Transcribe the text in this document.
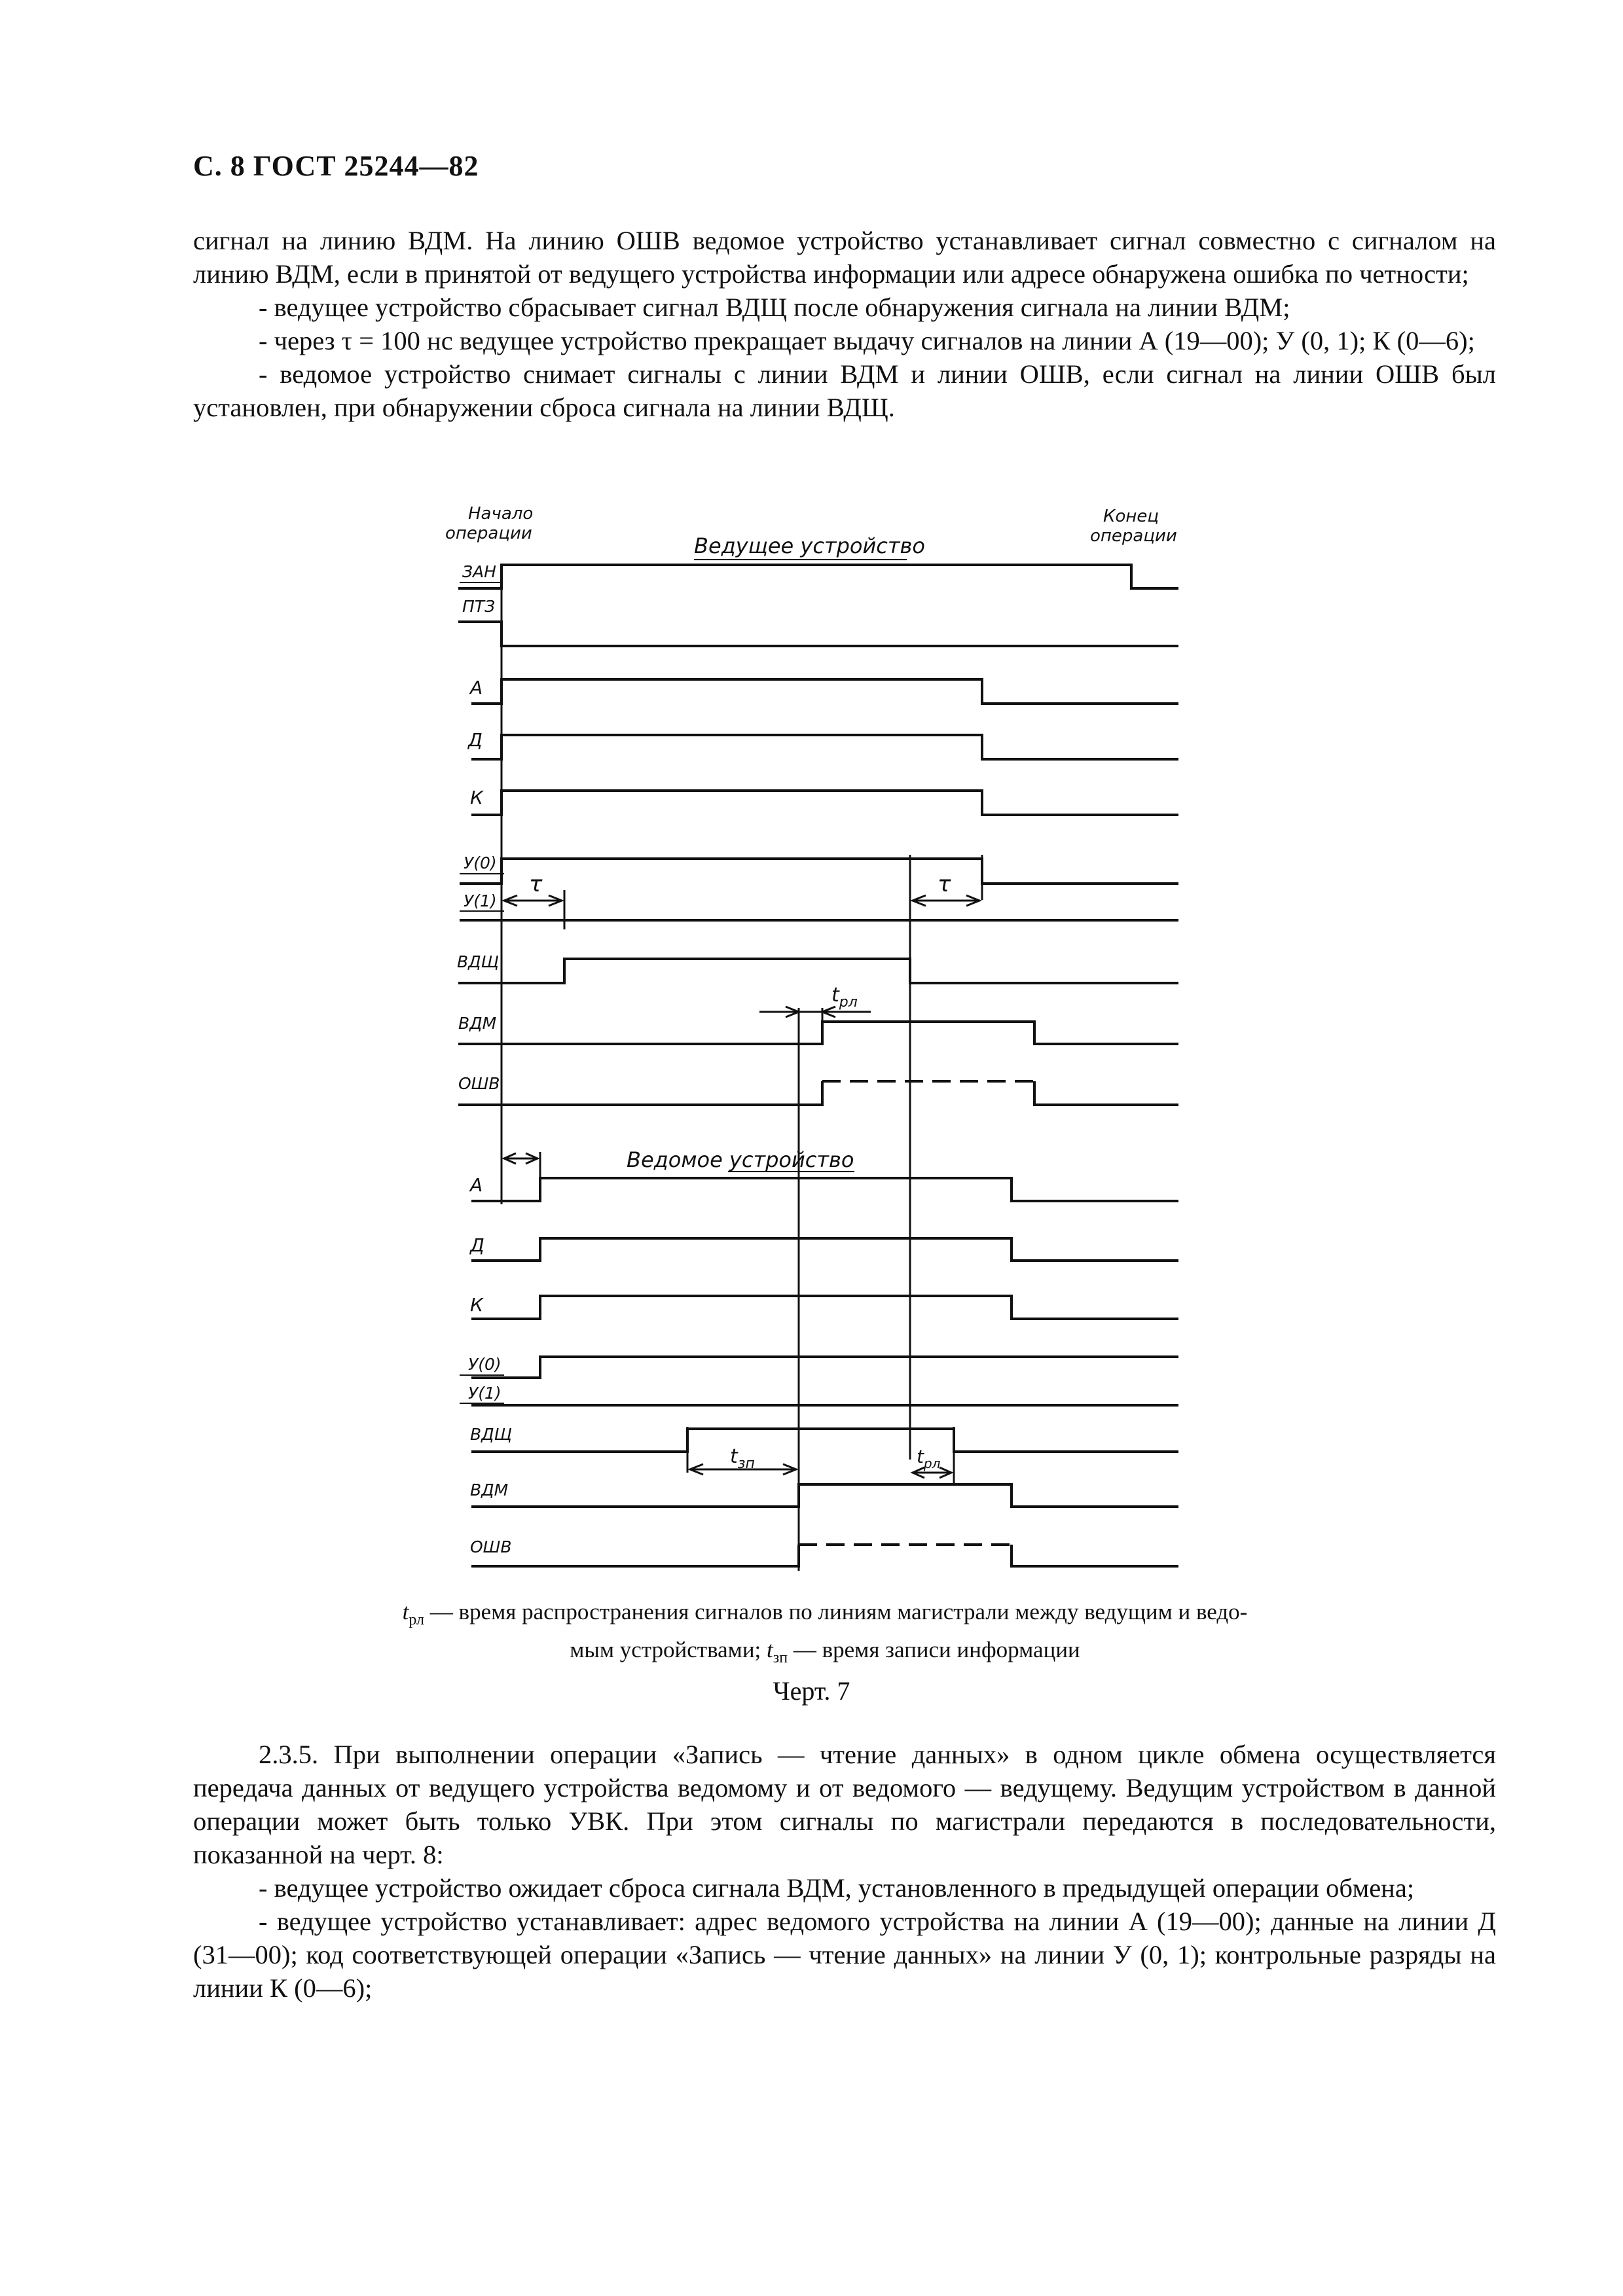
С. 8 ГОСТ 25244—82

сигнал на линию ВДМ. На линию ОШВ ведомое устройство устанавливает сигнал совместно с сигналом на линию ВДМ, если в принятой от ведущего устройства информации или адресе обнаружена ошибка по четности;

- ведущее устройство сбрасывает сигнал ВДЩ после обнаружения сигнала на линии ВДМ;

- через τ = 100 нс ведущее устройство прекращает выдачу сигналов на линии А (19—00); У (0, 1); К (0—6);

- ведомое устройство снимает сигналы с линии ВДМ и линии ОШВ, если сигнал на линии ОШВ был установлен, при обнаружении сброса сигнала на линии ВДЩ.

Начало
операции	Ведущее устройство
Конец
операции
ЗАН
ПТЗ
А
Д
К
У(0)
У(1)
ВДЩ
ВДМ
ОШВ
Ведомое устройство
А
Д
К
У(0)
У(1)
ВДЩ
ВДМ
ОШВ
τ	τ
$t_{рл}$
$t_{зп}$	$t_{рл}$
$t_{рл}$ — время распространения сигналов по линиям магистрали между ведущим и ведо-
мым устройствами; $t_{зп}$ — время записи информации
Черт. 7

2.3.5. При выполнении операции «Запись — чтение данных» в одном цикле обмена осуществляется передача данных от ведущего устройства ведомому и от ведомого — ведущему. Ведущим устройством в данной операции может быть только УВК. При этом сигналы по магистрали передаются в последовательности, показанной на черт. 8:

- ведущее устройство ожидает сброса сигнала ВДМ, установленного в предыдущей операции обмена;

- ведущее устройство устанавливает: адрес ведомого устройства на линии А (19—00); данные на линии Д (31—00); код соответствующей операции «Запись — чтение данных» на линии У (0, 1); контрольные разряды на линии К (0—6);
